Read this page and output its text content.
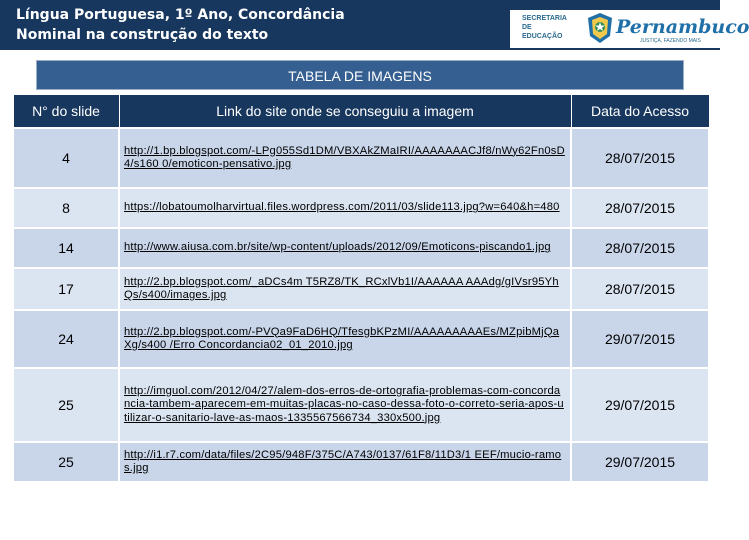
Língua Portuguesa, 1º Ano, Concordância
Nominal na construção do texto
SECRETARIA
DE EDUCAÇÃO	Pernambuco
JUSTIÇA, FAZENDO MAIS
TABELA DE IMAGENS
N° do slide	Link do site onde se conseguiu a imagem	Data do Acesso
4	http://1.bp.blogspot.com/-LPg055Sd1DM/VBXAkZMaIRI/AAAAAAACJf8/nWy62Fn0sD4/s160 0/emoticon-pensativo.jpg	28/07/2015
8	https://lobatoumolharvirtual.files.wordpress.com/2011/03/slide113.jpg?w=640&h=480	28/07/2015
14	http://www.aiusa.com.br/site/wp-content/uploads/2012/09/Emoticons-piscando1.jpg	28/07/2015
17	http://2.bp.blogspot.com/_aDCs4m T5RZ8/TK_RCxlVb1I/AAAAAA AAAdg/gIVsr95YhQs/s400/images.jpg	28/07/2015
24	http://2.bp.blogspot.com/-PVQa9FaD6HQ/TfesgbKPzMI/AAAAAAAAAEs/MZpibMjQaXg/s400 /Erro Concordancia02_01_2010.jpg	29/07/2015
25	http://imguol.com/2012/04/27/alem-dos-erros-de-ortografia-problemas-com-concordancia-tambem-aparecem-em-muitas-placas-no-caso-dessa-foto-o-correto-seria-apos-utilizar-o-sanitario-lave-as-maos-1335567566734_330x500.jpg	29/07/2015
25	http://i1.r7.com/data/files/2C95/948F/375C/A743/0137/61F8/11D3/1 EEF/mucio-ramos.jpg	29/07/2015
